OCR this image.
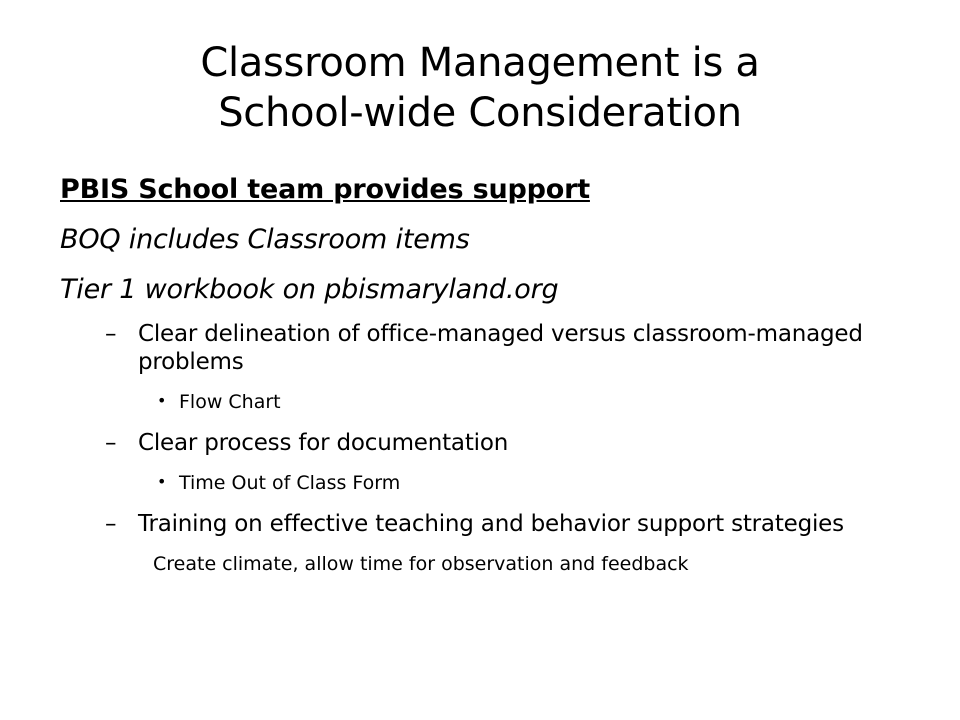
Classroom Management is a
School-wide Consideration
PBIS School team provides support
BOQ includes Classroom items
Tier 1 workbook on pbismaryland.org
– Clear delineation of office-managed versus classroom-managed problems
• Flow Chart
– Clear process for documentation
• Time Out of Class Form
– Training on effective teaching and behavior support strategies
Create climate, allow time for observation and feedback
